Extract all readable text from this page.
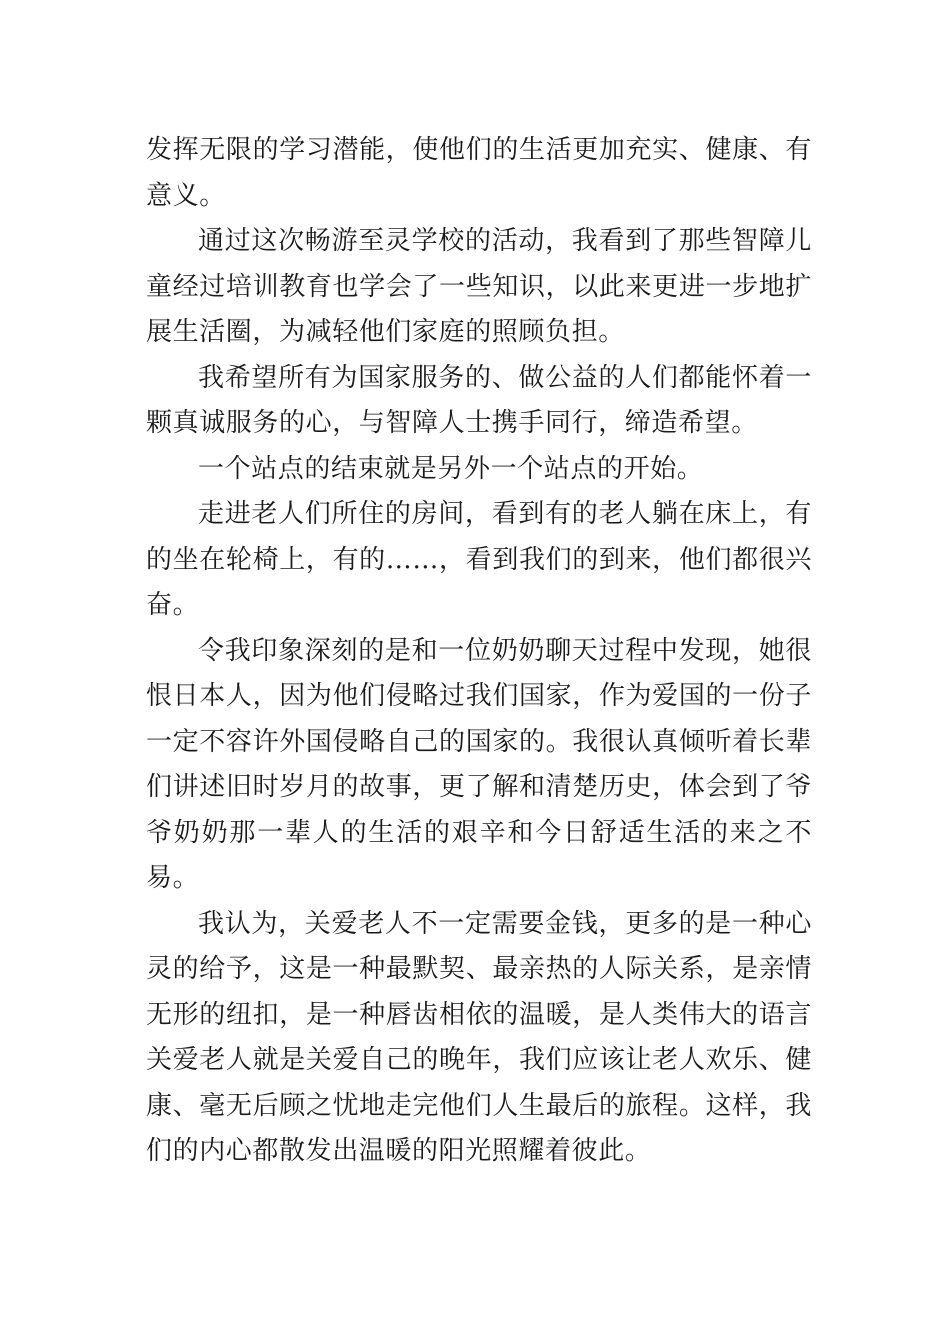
发挥无限的学习潜能，使他们的生活更加充实、健康、有意义。

通过这次畅游至灵学校的活动，我看到了那些智障儿童经过培训教育也学会了一些知识，以此来更进一步地扩展生活圈，为减轻他们家庭的照顾负担。

我希望所有为国家服务的、做公益的人们都能怀着一颗真诚服务的心，与智障人士携手同行，缔造希望。

一个站点的结束就是另外一个站点的开始。

走进老人们所住的房间，看到有的老人躺在床上，有的坐在轮椅上，有的……，看到我们的到来，他们都很兴奋。

令我印象深刻的是和一位奶奶聊天过程中发现，她很恨日本人，因为他们侵略过我们国家，作为爱国的一份子一定不容许外国侵略自己的国家的。我很认真倾听着长辈们讲述旧时岁月的故事，更了解和清楚历史，体会到了爷爷奶奶那一辈人的生活的艰辛和今日舒适生活的来之不易。

我认为，关爱老人不一定需要金钱，更多的是一种心灵的给予，这是一种最默契、最亲热的人际关系，是亲情无形的纽扣，是一种唇齿相依的温暖，是人类伟大的语言关爱老人就是关爱自己的晚年，我们应该让老人欢乐、健康、毫无后顾之忧地走完他们人生最后的旅程。这样，我们的内心都散发出温暖的阳光照耀着彼此。
